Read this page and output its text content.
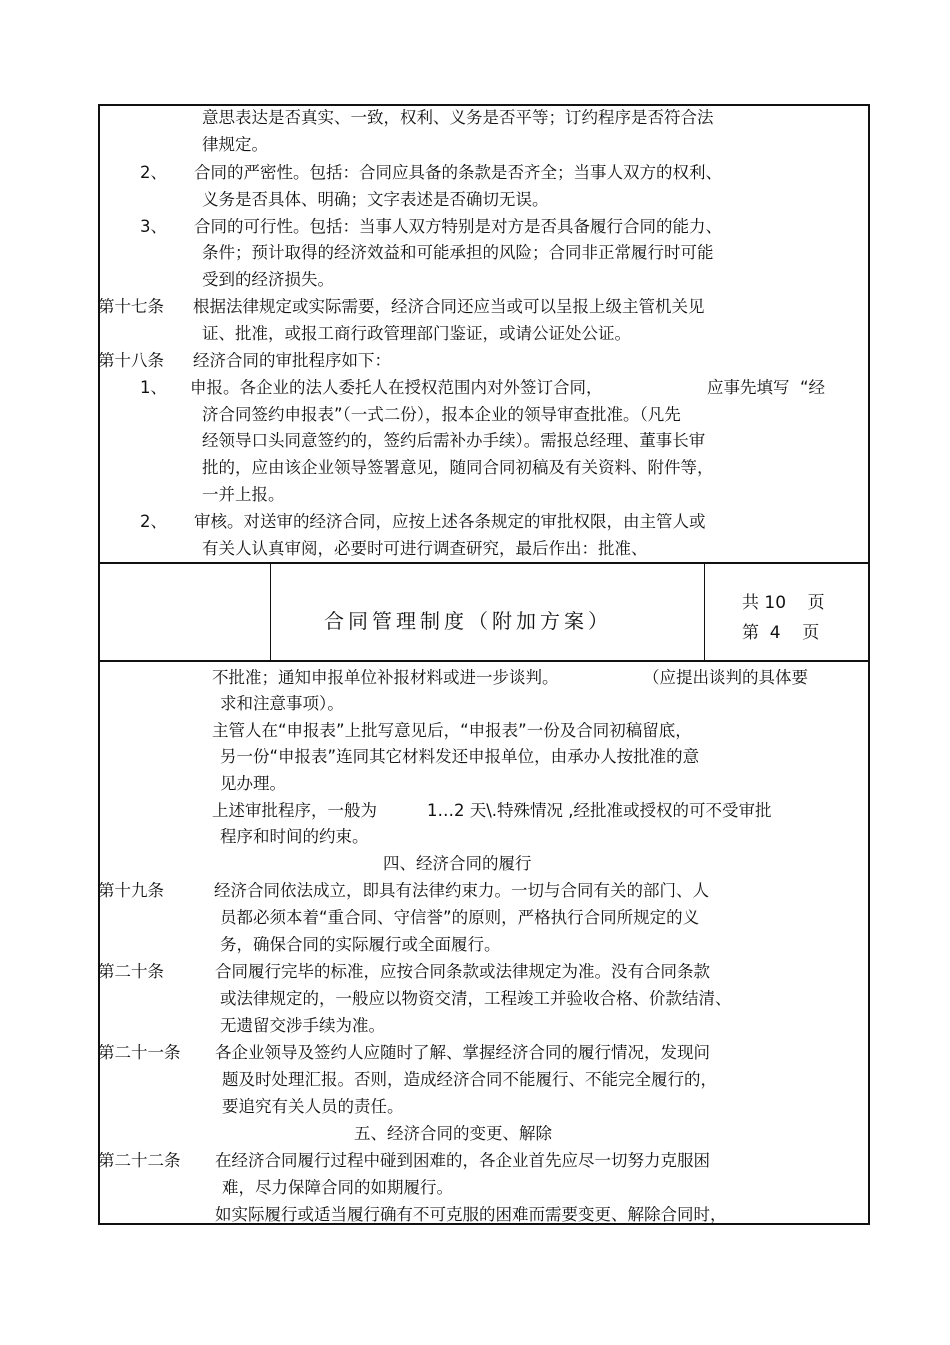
合同管理制度（附加方案）
共 10    页
第  4    页
意思表达是否真实、一致，权利、义务是否平等；订约程序是否符合法
律规定。
2、 合同的严密性。包括：合同应具备的条款是否齐全；当事人双方的权利、
义务是否具体、明确；文字表述是否确切无误。
3、 合同的可行性。包括：当事人双方特别是对方是否具备履行合同的能力、
条件；预计取得的经济效益和可能承担的风险；合同非正常履行时可能
受到的经济损失。
第十七条 根据法律规定或实际需要，经济合同还应当或可以呈报上级主管机关见
证、批准，或报工商行政管理部门鉴证，或请公证处公证。
第十八条 经济合同的审批程序如下：
1、 申报。各企业的法人委托人在授权范围内对外签订合同，	应事先填写  “经
济合同签约申报表”（一式二份），报本企业的领导审查批准。（凡先
经领导口头同意签约的，签约后需补办手续）。需报总经理、董事长审
批的，应由该企业领导签署意见，随同合同初稿及有关资料、附件等，
一并上报。
2、 审核。对送审的经济合同，应按上述各条规定的审批权限，由主管人或
有关人认真审阅，必要时可进行调查研究，最后作出：批准、
不批准；通知申报单位补报材料或进一步谈判。	（应提出谈判的具体要
求和注意事项）。
主管人在“申报表”上批写意见后，“申报表”一份及合同初稿留底，
另一份“申报表”连同其它材料发还申报单位，由承办人按批准的意
见办理。
上述审批程序，一般为	1…2 天\.特殊情况 ,经批准或授权的可不受审批
程序和时间的约束。
四、经济合同的履行
第十九条	经济合同依法成立，即具有法律约束力。一切与合同有关的部门、人
员都必须本着“重合同、守信誉”的原则，严格执行合同所规定的义
务，确保合同的实际履行或全面履行。
第二十条	合同履行完毕的标准，应按合同条款或法律规定为准。没有合同条款
或法律规定的，一般应以物资交清，工程竣工并验收合格、价款结清、
无遗留交涉手续为准。
第二十一条 各企业领导及签约人应随时了解、掌握经济合同的履行情况，发现问
题及时处理汇报。否则，造成经济合同不能履行、不能完全履行的，
要追究有关人员的责任。
五、经济合同的变更、解除
第二十二条 在经济合同履行过程中碰到困难的，各企业首先应尽一切努力克服困
难，尽力保障合同的如期履行。
如实际履行或适当履行确有不可克服的困难而需要变更、解除合同时，
